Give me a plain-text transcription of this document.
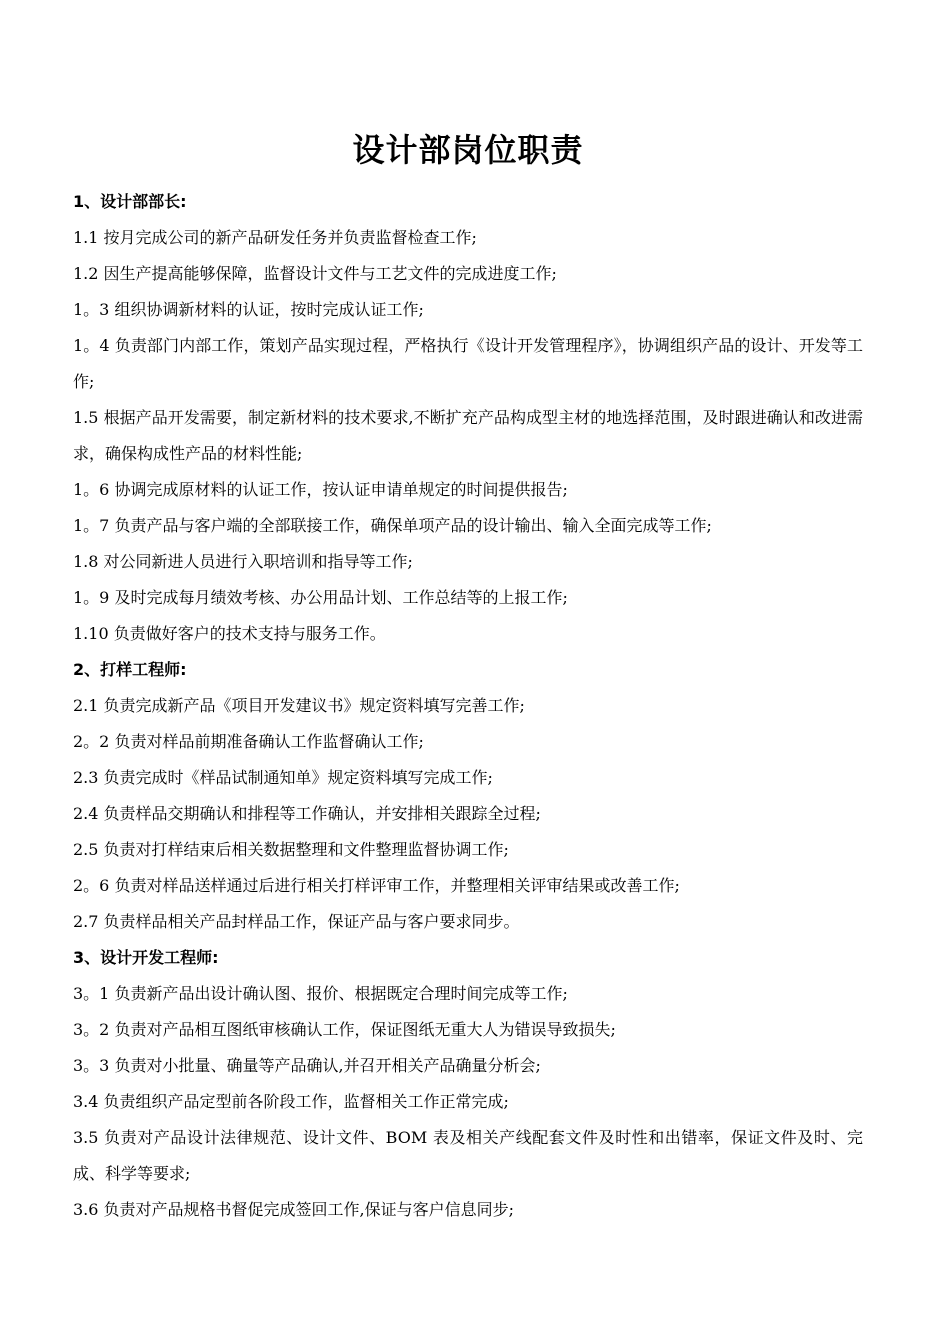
设计部岗位职责

1、设计部部长:

1.1 按月完成公司的新产品研发任务并负责监督检查工作;

1.2 因生产提高能够保障，监督设计文件与工艺文件的完成进度工作;

1。3 组织协调新材料的认证，按时完成认证工作;

1。4 负责部门内部工作，策划产品实现过程，严格执行《设计开发管理程序》，协调组织产品的设计、开发等工作;

1.5 根据产品开发需要，制定新材料的技术要求,不断扩充产品构成型主材的地选择范围，及时跟进确认和改进需求，确保构成性产品的材料性能;

1。6 协调完成原材料的认证工作，按认证申请单规定的时间提供报告;

1。7 负责产品与客户端的全部联接工作，确保单项产品的设计输出、输入全面完成等工作;

1.8 对公同新进人员进行入职培训和指导等工作;

1。9 及时完成每月绩效考核、办公用品计划、工作总结等的上报工作;

1.10 负责做好客户的技术支持与服务工作。

2、打样工程师:

2.1 负责完成新产品《项目开发建议书》规定资料填写完善工作;

2。2 负责对样品前期准备确认工作监督确认工作;

2.3 负责完成时《样品试制通知单》规定资料填写完成工作;

2.4 负责样品交期确认和排程等工作确认，并安排相关跟踪全过程;

2.5 负责对打样结束后相关数据整理和文件整理监督协调工作;

2。6 负责对样品送样通过后进行相关打样评审工作，并整理相关评审结果或改善工作;

2.7 负责样品相关产品封样品工作，保证产品与客户要求同步。

3、设计开发工程师:

3。1 负责新产品出设计确认图、报价、根据既定合理时间完成等工作;

3。2 负责对产品相互图纸审核确认工作，保证图纸无重大人为错误导致损失;

3。3 负责对小批量、确量等产品确认,并召开相关产品确量分析会;

3.4 负责组织产品定型前各阶段工作，监督相关工作正常完成;

3.5 负责对产品设计法律规范、设计文件、BOM 表及相关产线配套文件及时性和出错率，保证文件及时、完成、科学等要求;

3.6 负责对产品规格书督促完成签回工作,保证与客户信息同步;
